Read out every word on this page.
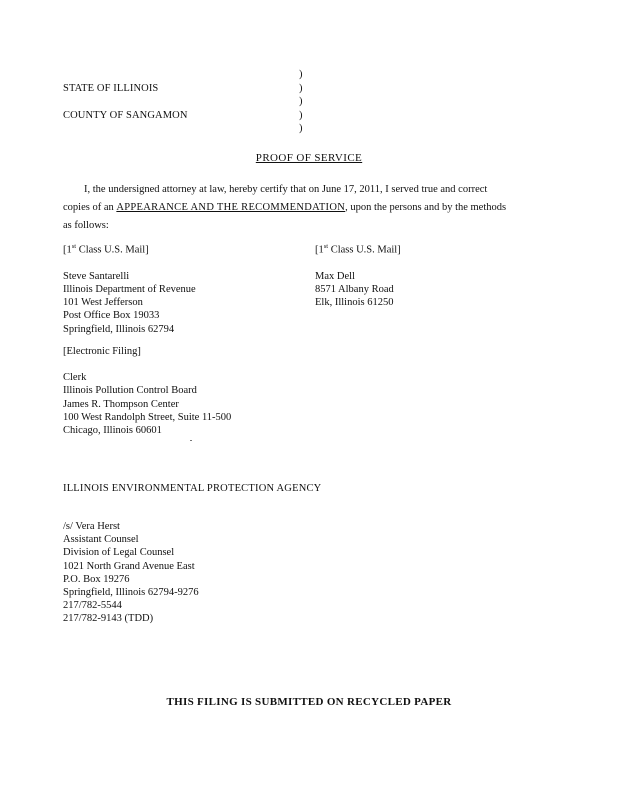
STATE OF ILLINOIS
COUNTY OF SANGAMON
)
)
)
)
)
PROOF OF SERVICE
I, the undersigned attorney at law, hereby certify that on June 17, 2011, I served true and correct
copies of an APPEARANCE AND THE RECOMMENDATION, upon the persons and by the methods
as follows:
[1st Class U.S. Mail]
Steve Santarelli
Illinois Department of Revenue
101 West Jefferson
Post Office Box 19033
Springfield, Illinois 62794
[1st Class U.S. Mail]
Max Dell
8571 Albany Road
Elk, Illinois 61250
[Electronic Filing]
Clerk
Illinois Pollution Control Board
James R. Thompson Center
100 West Randolph Street, Suite 11-500
Chicago, Illinois 60601
ILLINOIS ENVIRONMENTAL PROTECTION AGENCY
/s/ Vera Herst
Assistant Counsel
Division of Legal Counsel
1021 North Grand Avenue East
P.O. Box 19276
Springfield, Illinois 62794-9276
217/782-5544
217/782-9143 (TDD)
THIS FILING IS SUBMITTED ON RECYCLED PAPER
